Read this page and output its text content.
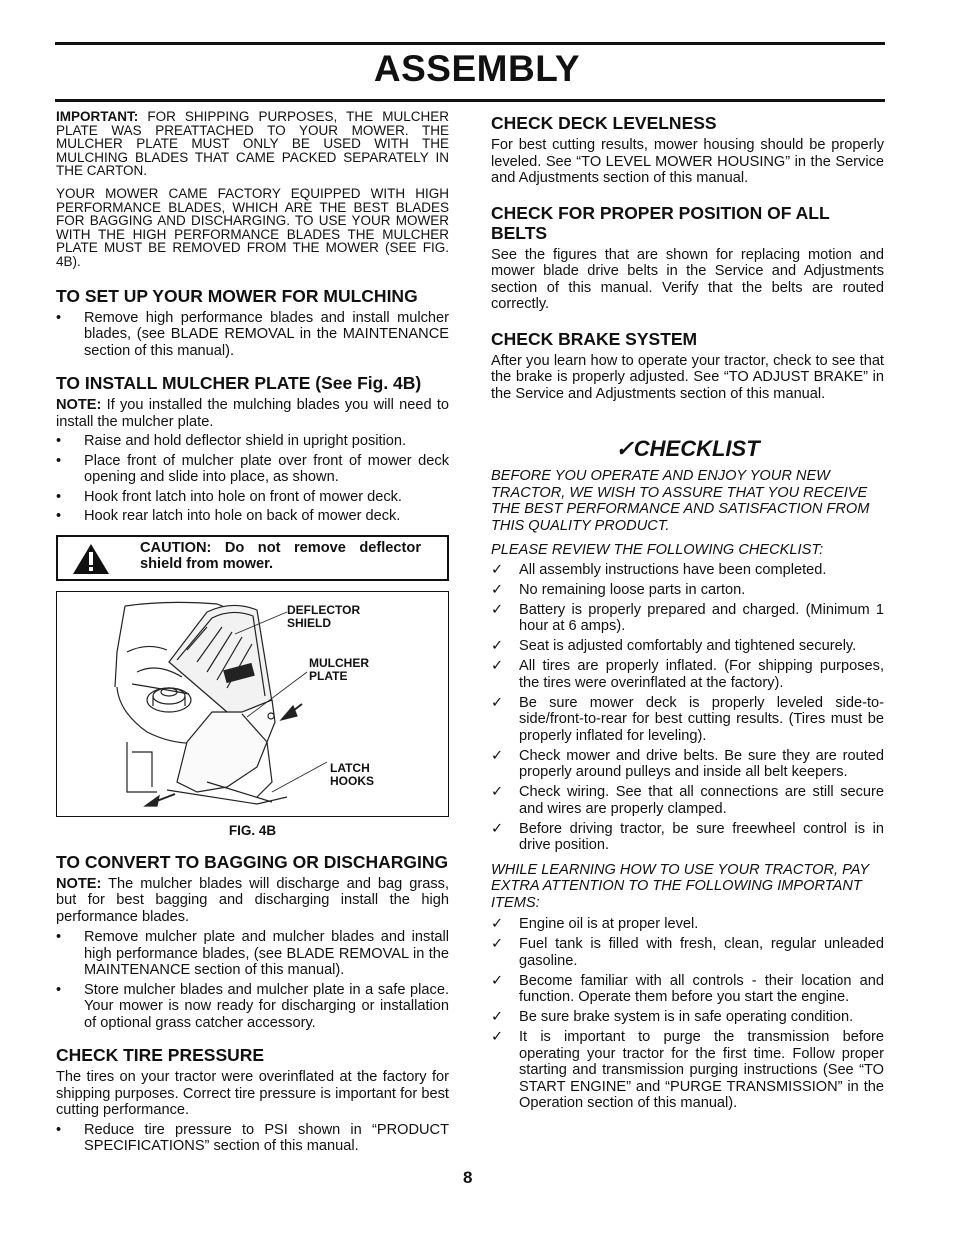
ASSEMBLY

IMPORTANT: FOR SHIPPING PURPOSES, THE MULCHER PLATE WAS PREATTACHED TO YOUR MOWER. THE MULCHER PLATE MUST ONLY BE USED WITH THE MULCHING BLADES THAT CAME PACKED SEPARATELY IN THE CARTON.

YOUR MOWER CAME FACTORY EQUIPPED WITH HIGH PERFORMANCE BLADES, WHICH ARE THE BEST BLADES FOR BAGGING AND DISCHARGING. TO USE YOUR MOWER WITH THE HIGH PERFORMANCE BLADES THE MULCHER PLATE MUST BE REMOVED FROM THE MOWER (SEE FIG. 4B).

TO SET UP YOUR MOWER FOR MULCHING
• Remove high performance blades and install mulcher blades, (see BLADE REMOVAL in the MAINTENANCE section of this manual).
TO INSTALL MULCHER PLATE (See Fig. 4B)

NOTE: If you installed the mulching blades you will need to install the mulcher plate.

• Raise and hold deflector shield in upright position.
• Place front of mulcher plate over front of mower deck opening and slide into place, as shown.
• Hook front latch into hole on front of mower deck.
• Hook rear latch into hole on back of mower deck.
CAUTION: Do not remove deflector shield from mower.
DEFLECTOR
SHIELD
MULCHER
PLATE
LATCH
HOOKS
FIG. 4B
TO CONVERT TO BAGGING OR DISCHARGING

NOTE: The mulcher blades will discharge and bag grass, but for best bagging and discharging install the high performance blades.

• Remove mulcher plate and mulcher blades and install high performance blades, (see BLADE REMOVAL in the MAINTENANCE section of this manual).
• Store mulcher blades and mulcher plate in a safe place. Your mower is now ready for discharging or installation of optional grass catcher accessory.
CHECK TIRE PRESSURE

The tires on your tractor were overinflated at the factory for shipping purposes. Correct tire pressure is important for best cutting performance.

• Reduce tire pressure to PSI shown in “PRODUCT SPECIFICATIONS” section of this manual.
CHECK DECK LEVELNESS

For best cutting results, mower housing should be properly leveled. See “TO LEVEL MOWER HOUSING” in the Service and Adjustments section of this manual.

CHECK FOR PROPER POSITION OF ALL BELTS

See the figures that are shown for replacing motion and mower blade drive belts in the Service and Adjustments section of this manual. Verify that the belts are routed correctly.

CHECK BRAKE SYSTEM

After you learn how to operate your tractor, check to see that the brake is properly adjusted. See “TO ADJUST BRAKE” in the Service and Adjustments section of this manual.

✓CHECKLIST

BEFORE YOU OPERATE AND ENJOY YOUR NEW TRACTOR, WE WISH TO ASSURE THAT YOU RECEIVE THE BEST PERFORMANCE AND SATISFACTION FROM THIS QUALITY PRODUCT.

PLEASE REVIEW THE FOLLOWING CHECKLIST:

✓ All assembly instructions have been completed.
✓ No remaining loose parts in carton.
✓ Battery is properly prepared and charged. (Minimum 1 hour at 6 amps).
✓ Seat is adjusted comfortably and tightened securely.
✓ All tires are properly inflated. (For shipping purposes, the tires were overinflated at the factory).
✓ Be sure mower deck is properly leveled side-to-side/front-to-rear for best cutting results. (Tires must be properly inflated for leveling).
✓ Check mower and drive belts. Be sure they are routed properly around pulleys and inside all belt keepers.
✓ Check wiring. See that all connections are still secure and wires are properly clamped.
✓ Before driving tractor, be sure freewheel control is in drive position.

WHILE LEARNING HOW TO USE YOUR TRACTOR, PAY EXTRA ATTENTION TO THE FOLLOWING IMPORTANT ITEMS:

✓ Engine oil is at proper level.
✓ Fuel tank is filled with fresh, clean, regular unleaded gasoline.
✓ Become familiar with all controls - their location and function. Operate them before you start the engine.
✓ Be sure brake system is in safe operating condition.
✓ It is important to purge the transmission before operating your tractor for the first time. Follow proper starting and transmission purging instructions (See “TO START ENGINE” and “PURGE TRANSMISSION” in the Operation section of this manual).
8
